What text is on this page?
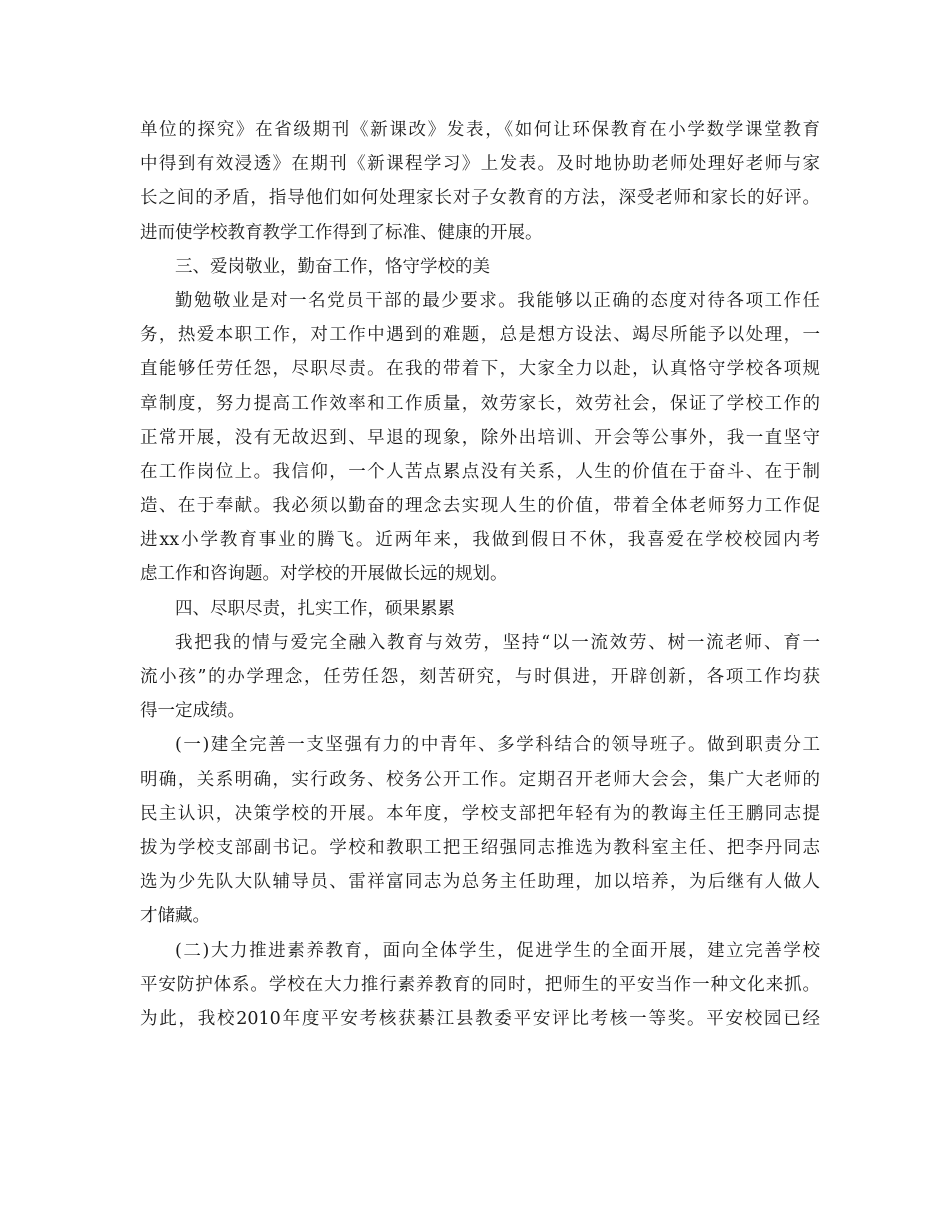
单位的探究》在省级期刊《新课改》发表，《如何让环保教育在小学数学课堂教育
中得到有效浸透》在期刊《新课程学习》上发表。及时地协助老师处理好老师与家
长之间的矛盾，指导他们如何处理家长对子女教育的方法，深受老师和家长的好评。
进而使学校教育教学工作得到了标准、健康的开展。
三、爱岗敬业，勤奋工作，恪守学校的美
勤勉敬业是对一名党员干部的最少要求。我能够以正确的态度对待各项工作任
务，热爱本职工作，对工作中遇到的难题，总是想方设法、竭尽所能予以处理，一
直能够任劳任怨，尽职尽责。在我的带着下，大家全力以赴，认真恪守学校各项规
章制度，努力提高工作效率和工作质量，效劳家长，效劳社会，保证了学校工作的
正常开展，没有无故迟到、早退的现象，除外出培训、开会等公事外，我一直坚守
在工作岗位上。我信仰，一个人苦点累点没有关系，人生的价值在于奋斗、在于制
造、在于奉献。我必须以勤奋的理念去实现人生的价值，带着全体老师努力工作促
进xx小学教育事业的腾飞。近两年来，我做到假日不休，我喜爱在学校校园内考
虑工作和咨询题。对学校的开展做长远的规划。
四、尽职尽责，扎实工作，硕果累累
我把我的情与爱完全融入教育与效劳，坚持“以一流效劳、树一流老师、育一
流小孩”的办学理念，任劳任怨，刻苦研究，与时俱进，开辟创新，各项工作均获
得一定成绩。
(一)建全完善一支坚强有力的中青年、多学科结合的领导班子。做到职责分工
明确，关系明确，实行政务、校务公开工作。定期召开老师大会会，集广大老师的
民主认识，决策学校的开展。本年度，学校支部把年轻有为的教诲主任王鹏同志提
拔为学校支部副书记。学校和教职工把王绍强同志推选为教科室主任、把李丹同志
选为少先队大队辅导员、雷祥富同志为总务主任助理，加以培养，为后继有人做人
才储藏。
(二)大力推进素养教育，面向全体学生，促进学生的全面开展，建立完善学校
平安防护体系。学校在大力推行素养教育的同时，把师生的平安当作一种文化来抓。
为此，我校2010年度平安考核获綦江县教委平安评比考核一等奖。平安校园已经
